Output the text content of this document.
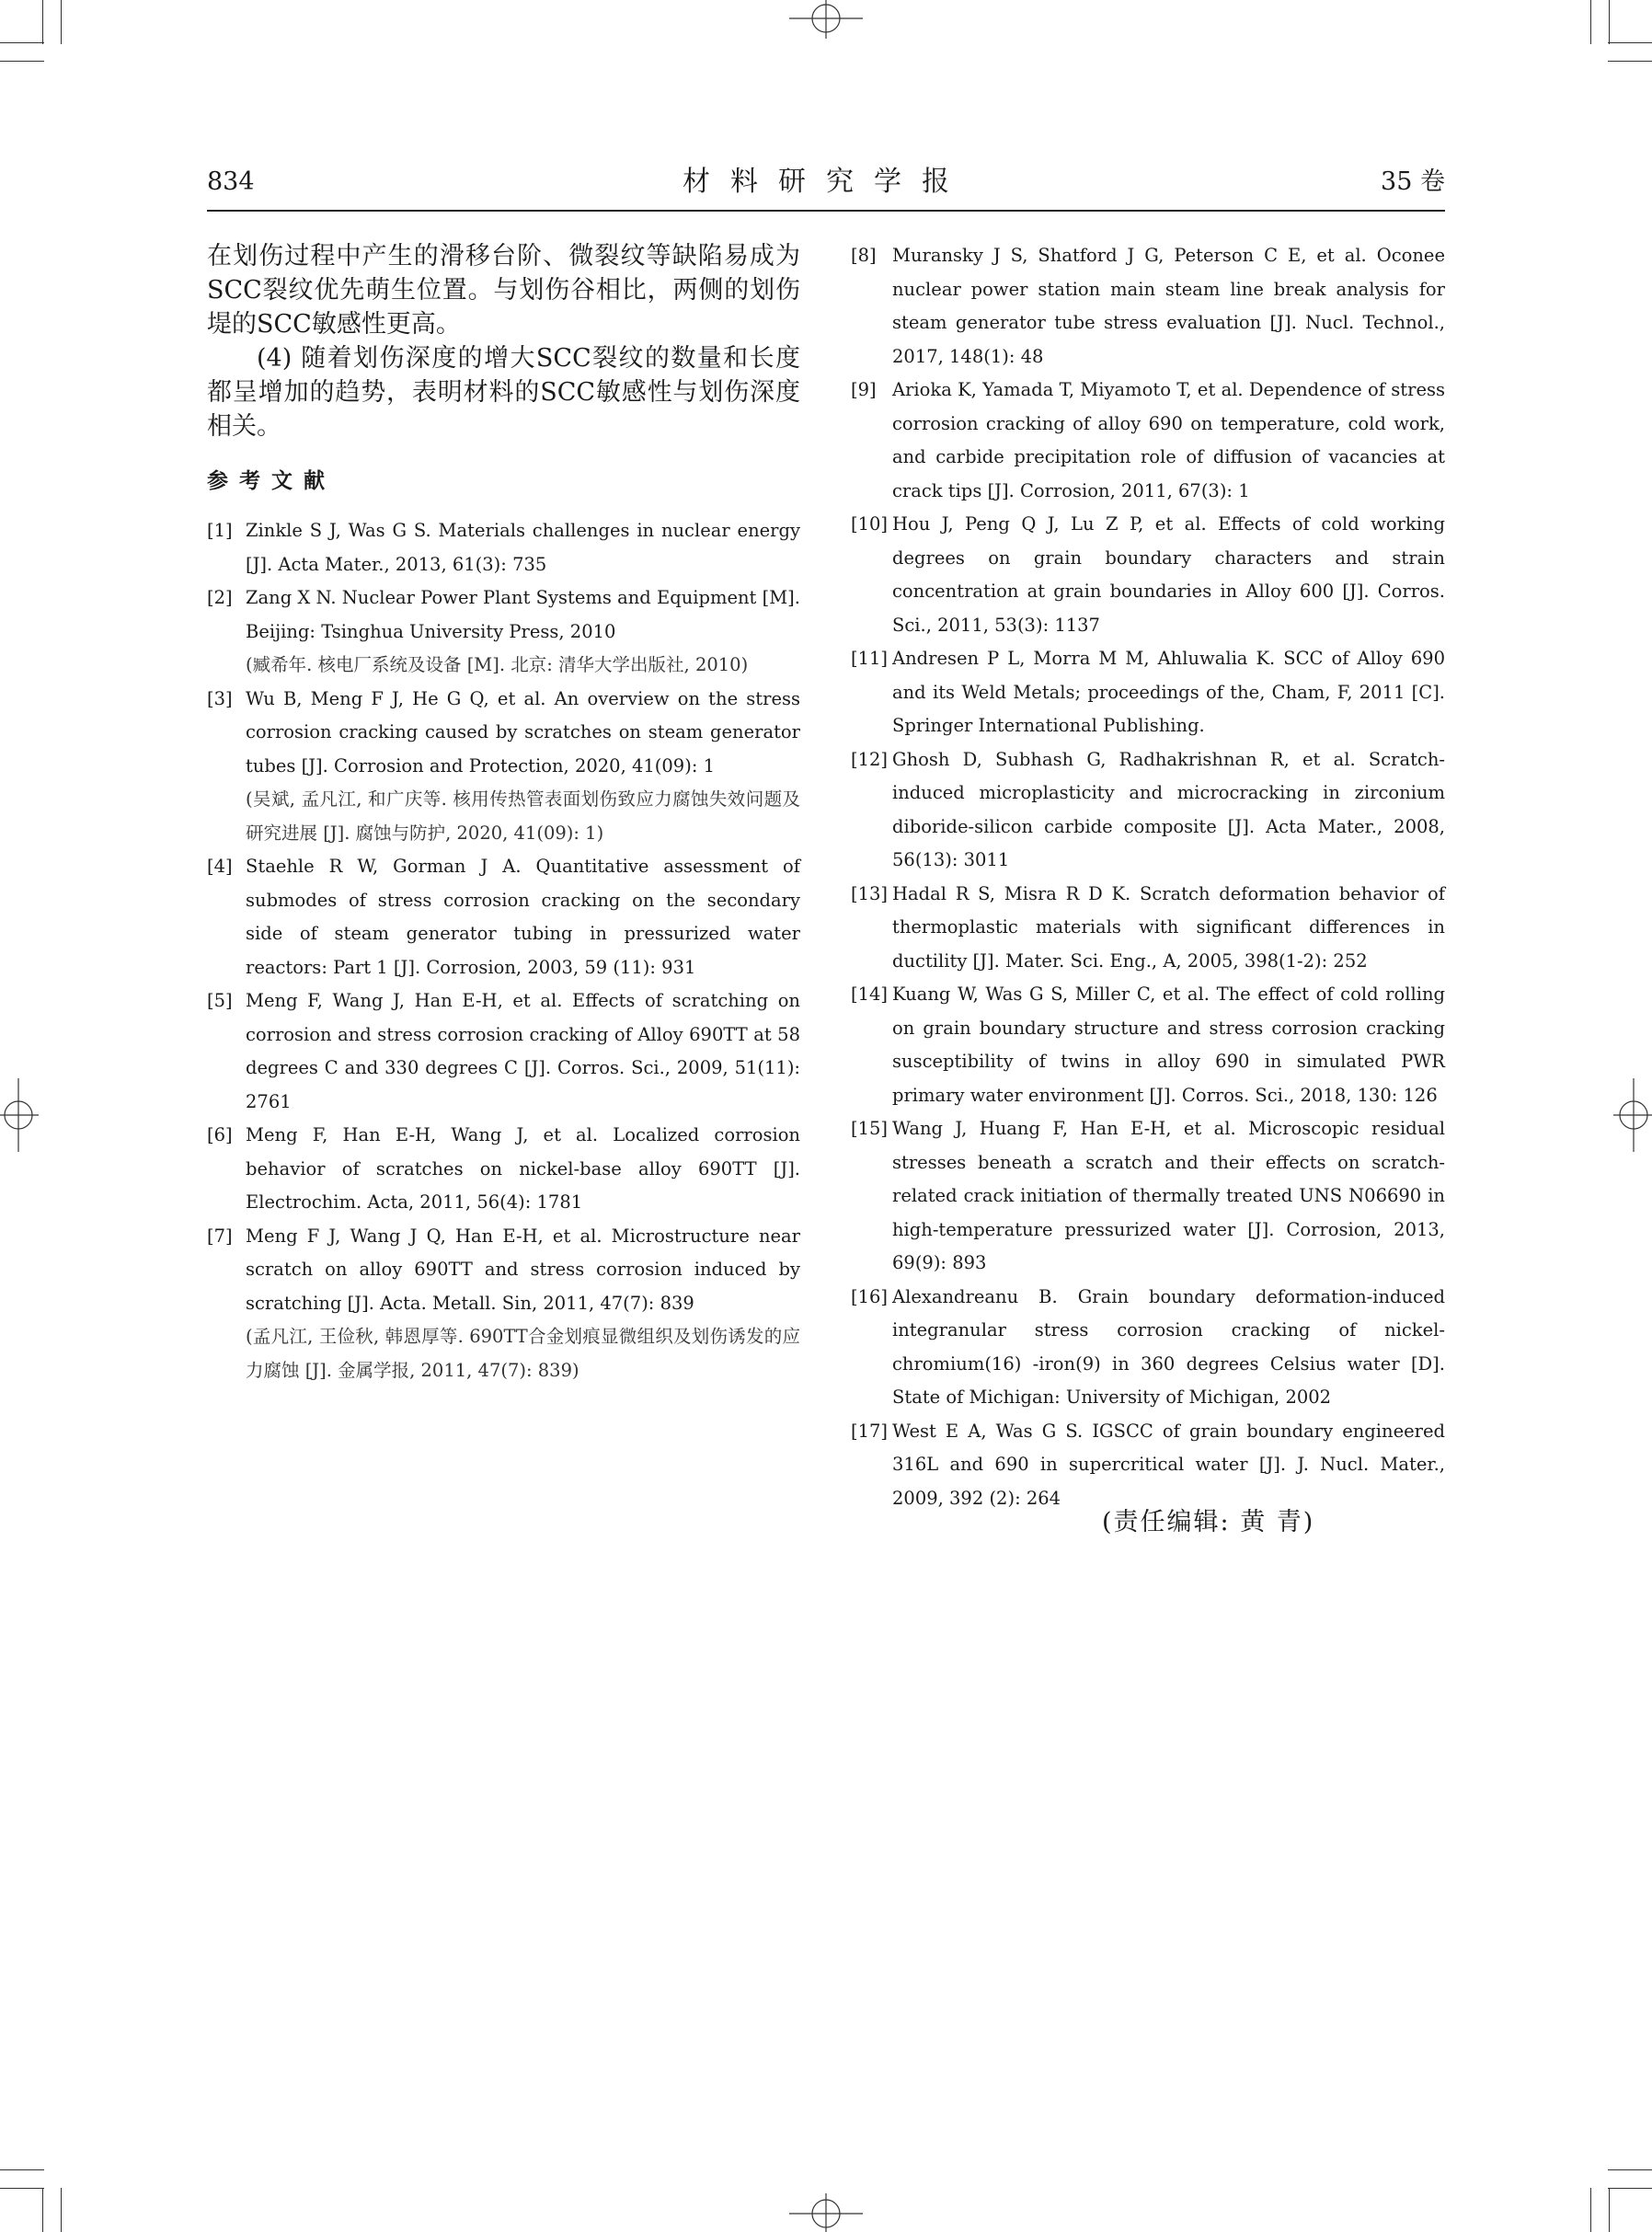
834	材料研究学报	35 卷

在划伤过程中产生的滑移台阶、微裂纹等缺陷易成为SCC裂纹优先萌生位置。与划伤谷相比，两侧的划伤堤的SCC敏感性更高。

(4) 随着划伤深度的增大SCC裂纹的数量和长度都呈增加的趋势，表明材料的SCC敏感性与划伤深度相关。

参考文献
[1] Zinkle S J, Was G S. Materials challenges in nuclear energy [J]. Acta Mater., 2013, 61(3): 735
[2] Zang X N. Nuclear Power Plant Systems and Equipment [M]. Beijing: Tsinghua University Press, 2010
(臧希年. 核电厂系统及设备 [M]. 北京: 清华大学出版社, 2010)
[3] Wu B, Meng F J, He G Q, et al. An overview on the stress corrosion cracking caused by scratches on steam generator tubes [J]. Corrosion and Protection, 2020, 41(09): 1
(吴斌, 孟凡江, 和广庆等. 核用传热管表面划伤致应力腐蚀失效问题及研究进展 [J]. 腐蚀与防护, 2020, 41(09): 1)
[4] Staehle R W, Gorman J A. Quantitative assessment of submodes of stress corrosion cracking on the secondary side of steam generator tubing in pressurized water reactors: Part 1 [J]. Corrosion, 2003, 59 (11): 931
[5] Meng F, Wang J, Han E-H, et al. Effects of scratching on corrosion and stress corrosion cracking of Alloy 690TT at 58 degrees C and 330 degrees C [J]. Corros. Sci., 2009, 51(11): 2761
[6] Meng F, Han E-H, Wang J, et al. Localized corrosion behavior of scratches on nickel-base alloy 690TT [J]. Electrochim. Acta, 2011, 56(4): 1781
[7] Meng F J, Wang J Q, Han E-H, et al. Microstructure near scratch on alloy 690TT and stress corrosion induced by scratching [J]. Acta. Metall. Sin, 2011, 47(7): 839
(孟凡江, 王俭秋, 韩恩厚等. 690TT合金划痕显微组织及划伤诱发的应力腐蚀 [J]. 金属学报, 2011, 47(7): 839)
[8] Muransky J S, Shatford J G, Peterson C E, et al. Oconee nuclear power station main steam line break analysis for steam generator tube stress evaluation [J]. Nucl. Technol., 2017, 148(1): 48
[9] Arioka K, Yamada T, Miyamoto T, et al. Dependence of stress corrosion cracking of alloy 690 on temperature, cold work, and carbide precipitation role of diffusion of vacancies at crack tips [J]. Corrosion, 2011, 67(3): 1
[10] Hou J, Peng Q J, Lu Z P, et al. Effects of cold working degrees on grain boundary characters and strain concentration at grain boundaries in Alloy 600 [J]. Corros. Sci., 2011, 53(3): 1137
[11] Andresen P L, Morra M M, Ahluwalia K. SCC of Alloy 690 and its Weld Metals; proceedings of the, Cham, F, 2011 [C]. Springer International Publishing.
[12] Ghosh D, Subhash G, Radhakrishnan R, et al. Scratch-induced microplasticity and microcracking in zirconium diboride-silicon carbide composite [J]. Acta Mater., 2008, 56(13): 3011
[13] Hadal R S, Misra R D K. Scratch deformation behavior of thermoplastic materials with significant differences in ductility [J]. Mater. Sci. Eng., A, 2005, 398(1-2): 252
[14] Kuang W, Was G S, Miller C, et al. The effect of cold rolling on grain boundary structure and stress corrosion cracking susceptibility of twins in alloy 690 in simulated PWR primary water environment [J]. Corros. Sci., 2018, 130: 126
[15] Wang J, Huang F, Han E-H, et al. Microscopic residual stresses beneath a scratch and their effects on scratch-related crack initiation of thermally treated UNS N06690 in high-temperature pressurized water [J]. Corrosion, 2013, 69(9): 893
[16] Alexandreanu B. Grain boundary deformation-induced integranular stress corrosion cracking of nickel-chromium(16) -iron(9) in 360 degrees Celsius water [D]. State of Michigan: University of Michigan, 2002
[17] West E A, Was G S. IGSCC of grain boundary engineered 316L and 690 in supercritical water [J]. J. Nucl. Mater., 2009, 392 (2): 264
(责任编辑: 黄 青)
